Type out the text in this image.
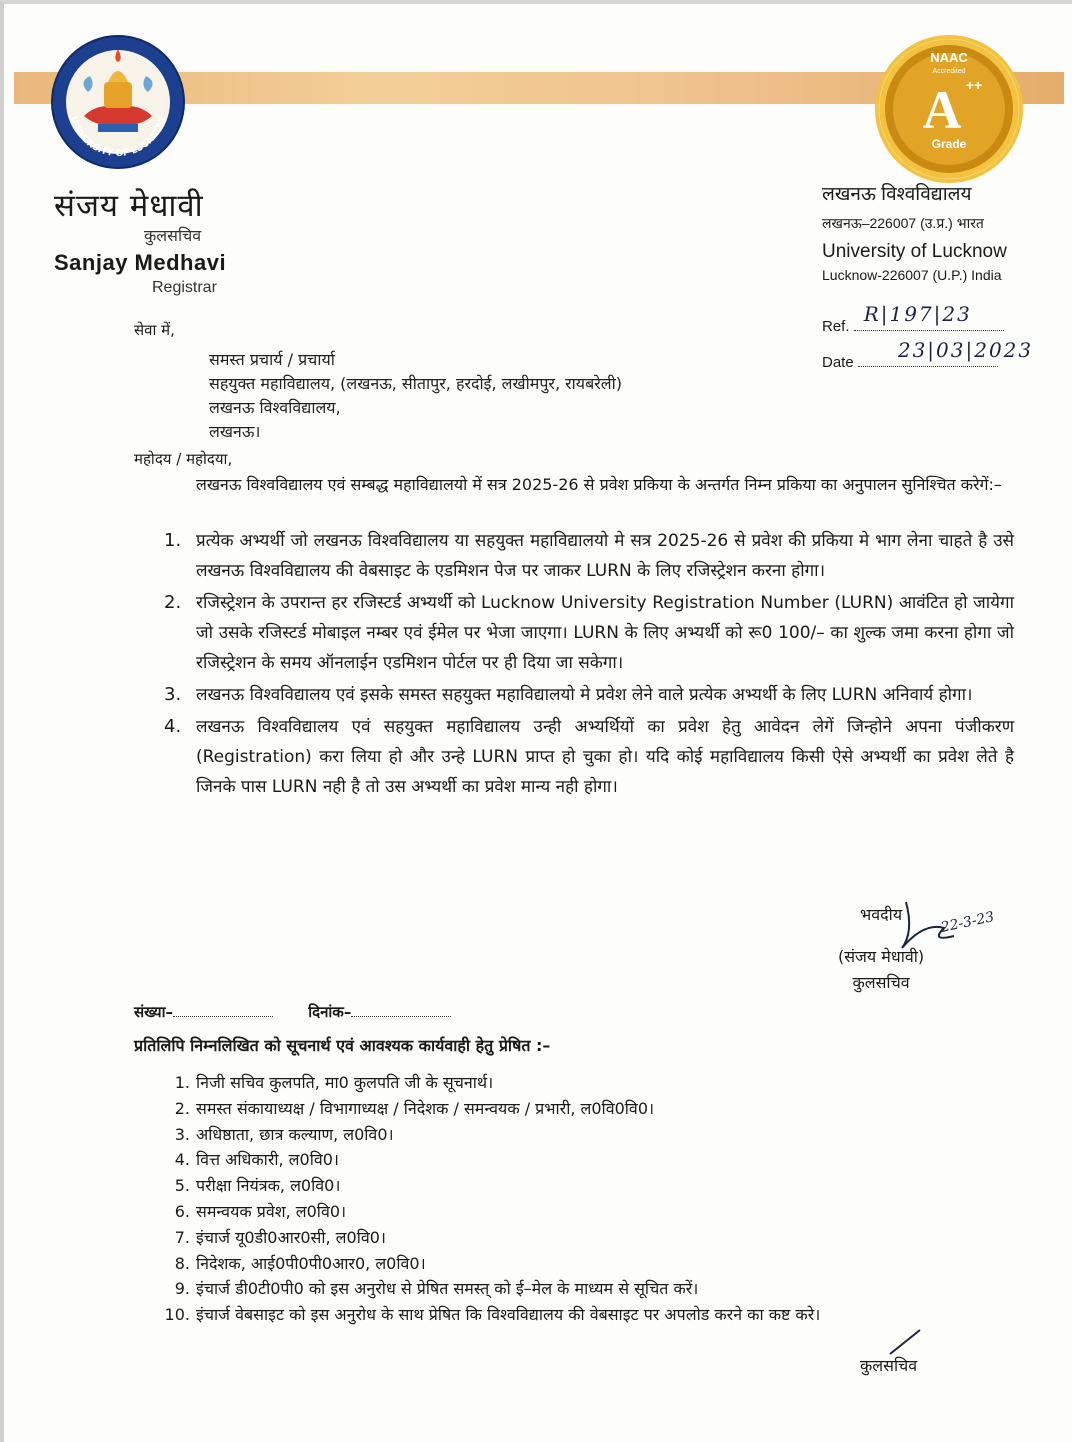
UNIVERSITY OF LUCKNOW
NAAC
Accredited
A ++
Grade
संजय मेधावी
कुलसचिव
Sanjay Medhavi
Registrar
लखनऊ विश्वविद्यालय
लखनऊ–226007 (उ.प्र.) भारत
University of Lucknow
Lucknow-226007 (U.P.) India
Ref.
R|197|23
Date
23|03|2023
सेवा में,
समस्त प्रचार्य / प्रचार्या
सहयुक्त महाविद्यालय, (लखनऊ, सीतापुर, हरदोई, लखीमपुर, रायबरेली)
लखनऊ विश्वविद्यालय,
लखनऊ।
महोदय / महोदया,
लखनऊ विश्वविद्यालय एवं सम्बद्ध महाविद्यालयो में सत्र 2025-26 से प्रवेश प्रकिया के अन्तर्गत निम्न प्रकिया का अनुपालन सुनिश्चित करेगें:–
1. प्रत्येक अभ्यर्थी जो लखनऊ विश्वविद्यालय या सहयुक्त महाविद्यालयो मे सत्र 2025-26 से प्रवेश की प्रकिया मे भाग लेना चाहते है उसे लखनऊ विश्वविद्यालय की वेबसाइट के एडमिशन पेज पर जाकर LURN के लिए रजिस्ट्रेशन करना होगा।
2. रजिस्ट्रेशन के उपरान्त हर रजिस्टर्ड अभ्यर्थी को Lucknow University Registration Number (LURN) आवंटित हो जायेगा जो उसके रजिस्टर्ड मोबाइल नम्बर एवं ईमेल पर भेजा जाएगा। LURN के लिए अभ्यर्थी को रू0 100/– का शुल्क जमा करना होगा जो रजिस्ट्रेशन के समय ऑनलाईन एडमिशन पोर्टल पर ही दिया जा सकेगा।
3. लखनऊ विश्वविद्यालय एवं इसके समस्त सहयुक्त महाविद्यालयो मे प्रवेश लेने वाले प्रत्येक अभ्यर्थी के लिए LURN अनिवार्य होगा।
4. लखनऊ विश्वविद्यालय एवं सहयुक्त महाविद्यालय उन्ही अभ्यर्थियों का प्रवेश हेतु आवेदन लेगें जिन्होने अपना पंजीकरण (Registration) करा लिया हो और उन्हे LURN प्राप्त हो चुका हो। यदि कोई महाविद्यालय किसी ऐसे अभ्यर्थी का प्रवेश लेते है जिनके पास LURN नही है तो उस अभ्यर्थी का प्रवेश मान्य नही होगा।
भवदीय
(संजय मेधावी)
कुलसचिव
22-3-23
संख्या–	दिनांक–
प्रतिलिपि निम्नलिखित को सूचनार्थ एवं आवश्यक कार्यवाही हेतु प्रेषित :–
1. निजी सचिव कुलपति, मा0 कुलपति जी के सूचनार्थ।
2. समस्त संकायाध्यक्ष / विभागाध्यक्ष / निदेशक / समन्वयक / प्रभारी, ल0वि0वि0।
3. अधिष्ठाता, छात्र कल्याण, ल0वि0।
4. वित्त अधिकारी, ल0वि0।
5. परीक्षा नियंत्रक, ल0वि0।
6. समन्वयक प्रवेश, ल0वि0।
7. इंचार्ज यू0डी0आर0सी, ल0वि0।
8. निदेशक, आई0पी0पी0आर0, ल0वि0।
9. इंचार्ज डी0टी0पी0 को इस अनुरोध से प्रेषित समस्त् को ई–मेल के माध्यम से सूचित करें।
10. इंचार्ज वेबसाइट को इस अनुरोध के साथ प्रेषित कि विश्वविद्यालय की वेबसाइट पर अपलोड करने का कष्ट करे।
कुलसचिव
